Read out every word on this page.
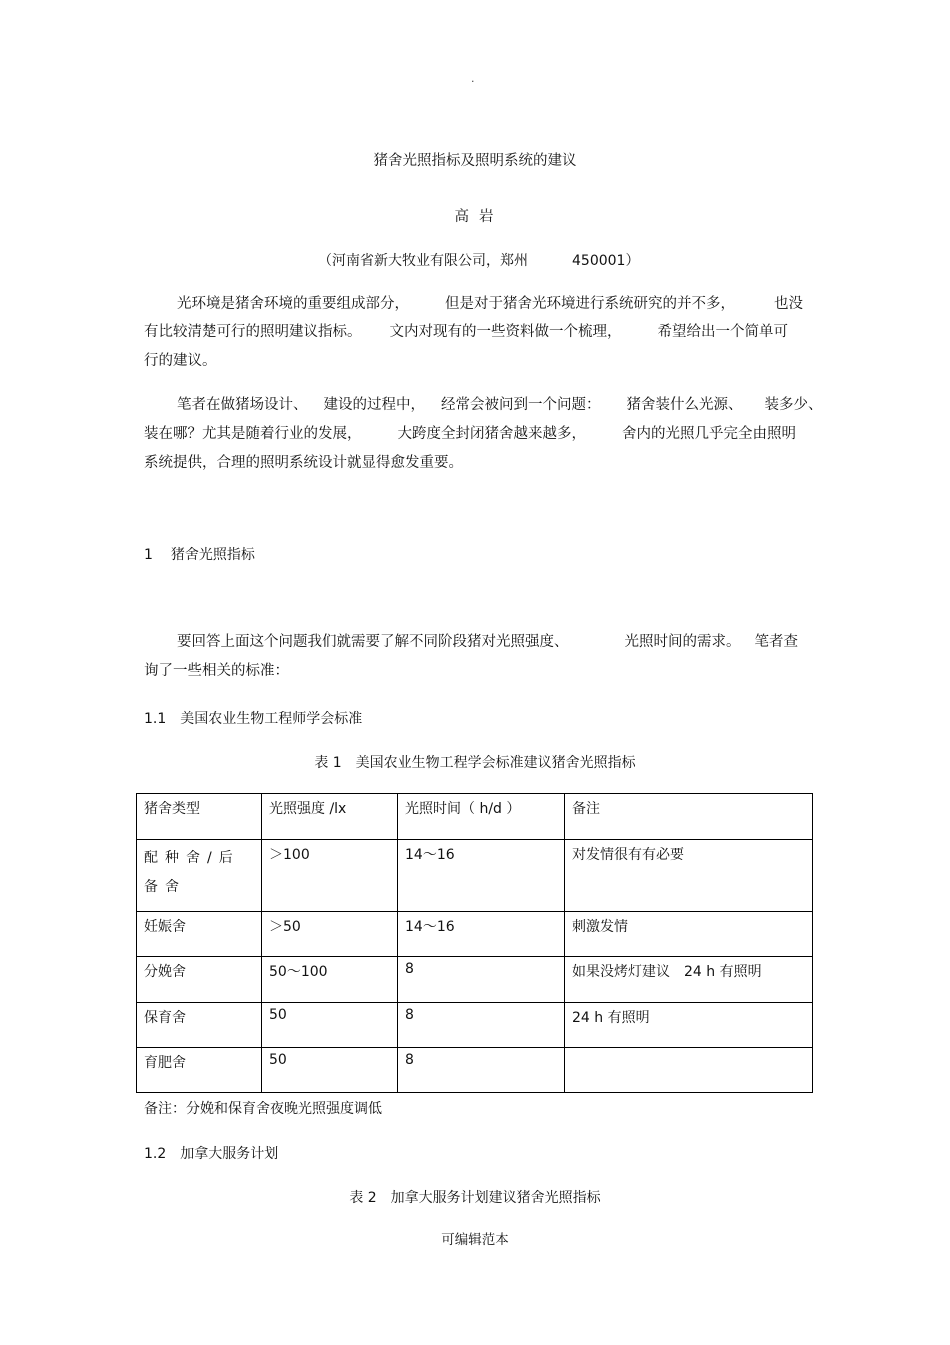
.
猪舍光照指标及照明系统的建议
高岩
（河南省新大牧业有限公司，郑州	450001）
光环境是猪舍环境的重要组成部分， 但是对于猪舍光环境进行系统研究的并不多，	也没
有比较清楚可行的照明建议指标。 文内对现有的一些资料做一个梳理， 希望给出一个简单可
行的建议。
笔者在做猪场设计、 建设的过程中， 经常会被问到一个问题： 猪舍装什么光源、 装多少、
装在哪？尤其是随着行业的发展， 大跨度全封闭猪舍越来越多， 舍内的光照几乎完全由照明
系统提供，合理的照明系统设计就显得愈发重要。
1 猪舍光照指标
要回答上面这个问题我们就需要了解不同阶段猪对光照强度、	光照时间的需求。 笔者查
询了一些相关的标准：
1.1 美国农业生物工程师学会标准
表 1　美国农业生物工程学会标准建议猪舍光照指标
猪舍类型	光照强度 /lx	光照时间（ h/d ）	备注
配种舍/后备舍	＞100	14～16	对发情很有有必要
妊娠舍	＞50	14～16	刺激发情
分娩舍	50～100	8	如果没烤灯建议　24 h 有照明
保育舍	50	8	24 h 有照明
育肥舍	50	8	
备注：分娩和保育舍夜晚光照强度调低
1.2 加拿大服务计划
表 2　加拿大服务计划建议猪舍光照指标
可编辑范本
